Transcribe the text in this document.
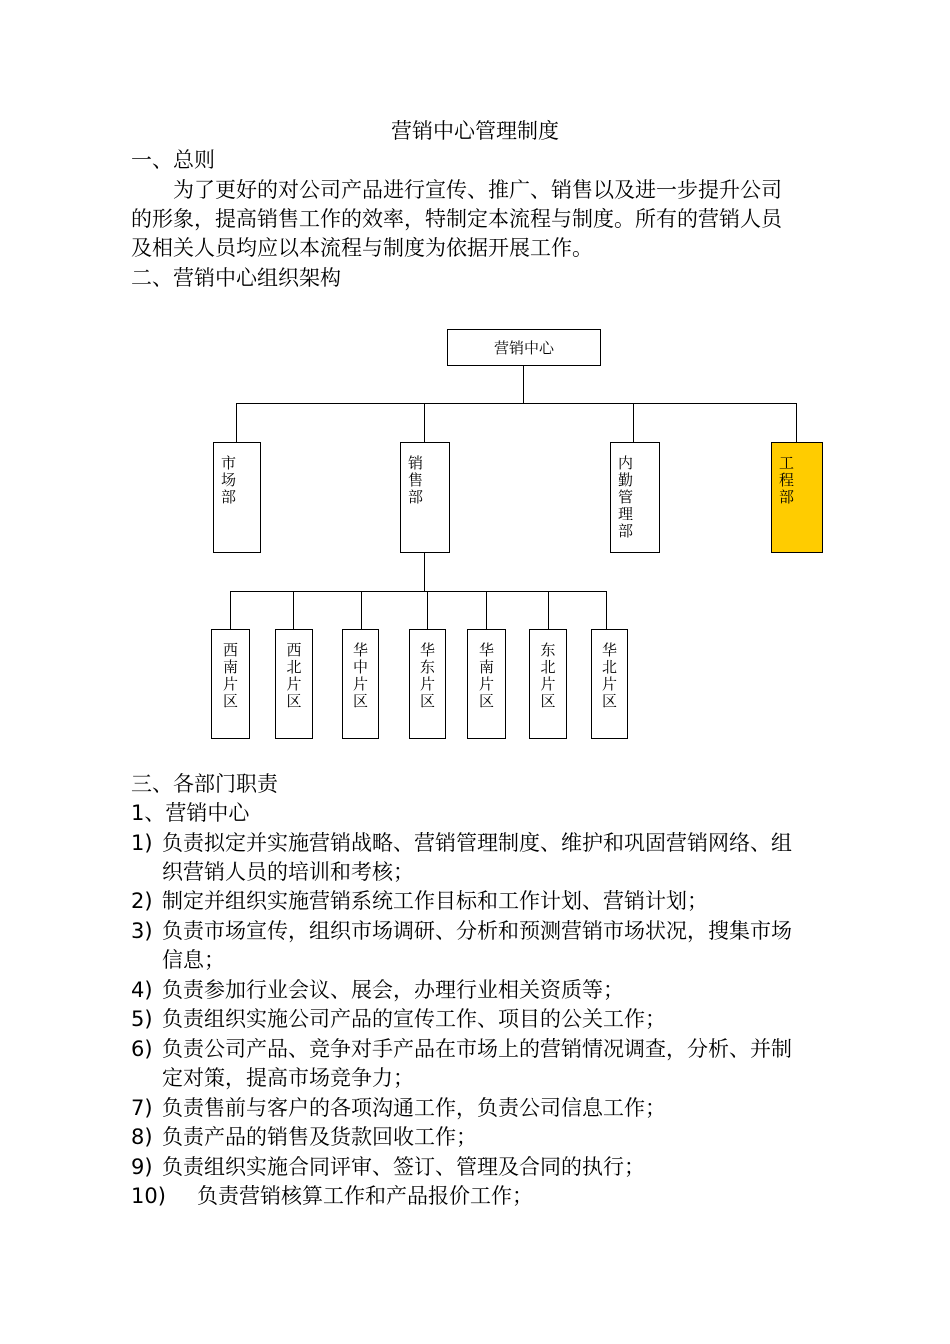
营销中心管理制度
一、总则
为了更好的对公司产品进行宣传、推广、销售以及进一步提升公司
的形象，提高销售工作的效率，特制定本流程与制度。所有的营销人员
及相关人员均应以本流程与制度为依据开展工作。
二、营销中心组织架构
营销中心
市
场
部
销
售
部
内
勤
管
理
部
工
程
部
西
南
片
区
西
北
片
区
华
中
片
区
华
东
片
区
华
南
片
区
东
北
片
区
华
北
片
区
三、各部门职责
1、营销中心
1) 负责拟定并实施营销战略、营销管理制度、维护和巩固营销网络、组
织营销人员的培训和考核；
2) 制定并组织实施营销系统工作目标和工作计划、营销计划；
3) 负责市场宣传，组织市场调研、分析和预测营销市场状况，搜集市场
信息；
4) 负责参加行业会议、展会，办理行业相关资质等；
5) 负责组织实施公司产品的宣传工作、项目的公关工作；
6) 负责公司产品、竞争对手产品在市场上的营销情况调查，分析、并制
定对策，提高市场竞争力；
7) 负责售前与客户的各项沟通工作，负责公司信息工作；
8) 负责产品的销售及货款回收工作；
9) 负责组织实施合同评审、签订、管理及合同的执行；
10) 负责营销核算工作和产品报价工作；
